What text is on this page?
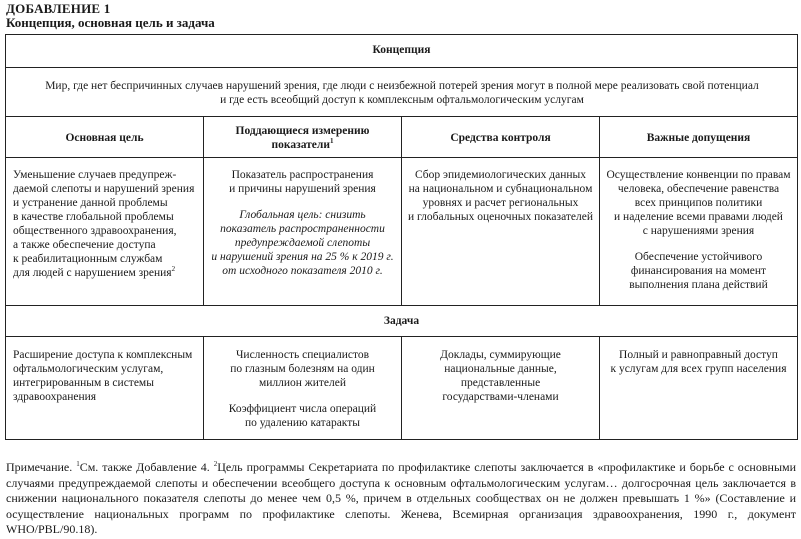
ДОБАВЛЕНИЕ 1
Концепция, основная цель и задача
Концепция
Мир, где нет беспричинных случаев нарушений зрения, где люди с неизбежной потерей зрения могут в полной мере реализовать свой потенциал
и где есть всеобщий доступ к комплексным офтальмологическим услугам
Основная цель
Поддающиеся измерению
показатели$^1$	Средства контроля	Важные допущения
Уменьшение случаев предупреж-
даемой слепоты и нарушений зрения
и устранение данной проблемы
в качестве глобальной проблемы
общественного здравоохранения,
а также обеспечение доступа
к реабилитационным службам
для людей с нарушением зрения$^2$
Показатель распространения
и причины нарушений зрения
Глобальная цель: снизить
показатель распространенности
предупреждаемой слепоты
и нарушений зрения на 25 % к 2019 г.
от исходного показателя 2010 г.
Сбор эпидемиологических данных
на национальном и субнациональном
уровнях и расчет региональных
и глобальных оценочных показателей
Осуществление конвенции по правам
человека, обеспечение равенства
всех принципов политики
и наделение всеми правами людей
с нарушениями зрения
Обеспечение устойчивого
финансирования на момент
выполнения плана действий
Задача
Расширение доступа к комплексным
офтальмологическим услугам,
интегрированным в системы
здравоохранения
Численность специалистов
по глазным болезням на один
миллион жителей
Коэффициент числа операций
по удалению катаракты
Доклады, суммирующие
национальные данные,
представленные
государствами-членами
Полный и равноправный доступ
к услугам для всех групп населения
Примечание. $^1$См. также Добавление 4. $^2$Цель программы Секретариата по профилактике слепоты заключается в «профилактике и борьбе с основными случаями предупреждаемой слепоты и обеспечении всеобщего доступа к основным офтальмологическим услугам… долгосрочная цель заключается в снижении национального показателя слепоты до менее чем 0,5 %, причем в отдельных сообществах он не должен превышать 1 %» (Составление и осуществление национальных программ по профилактике слепоты. Женева, Всемирная организация здравоохранения, 1990 г., документ WHO/PBL/90.18).
